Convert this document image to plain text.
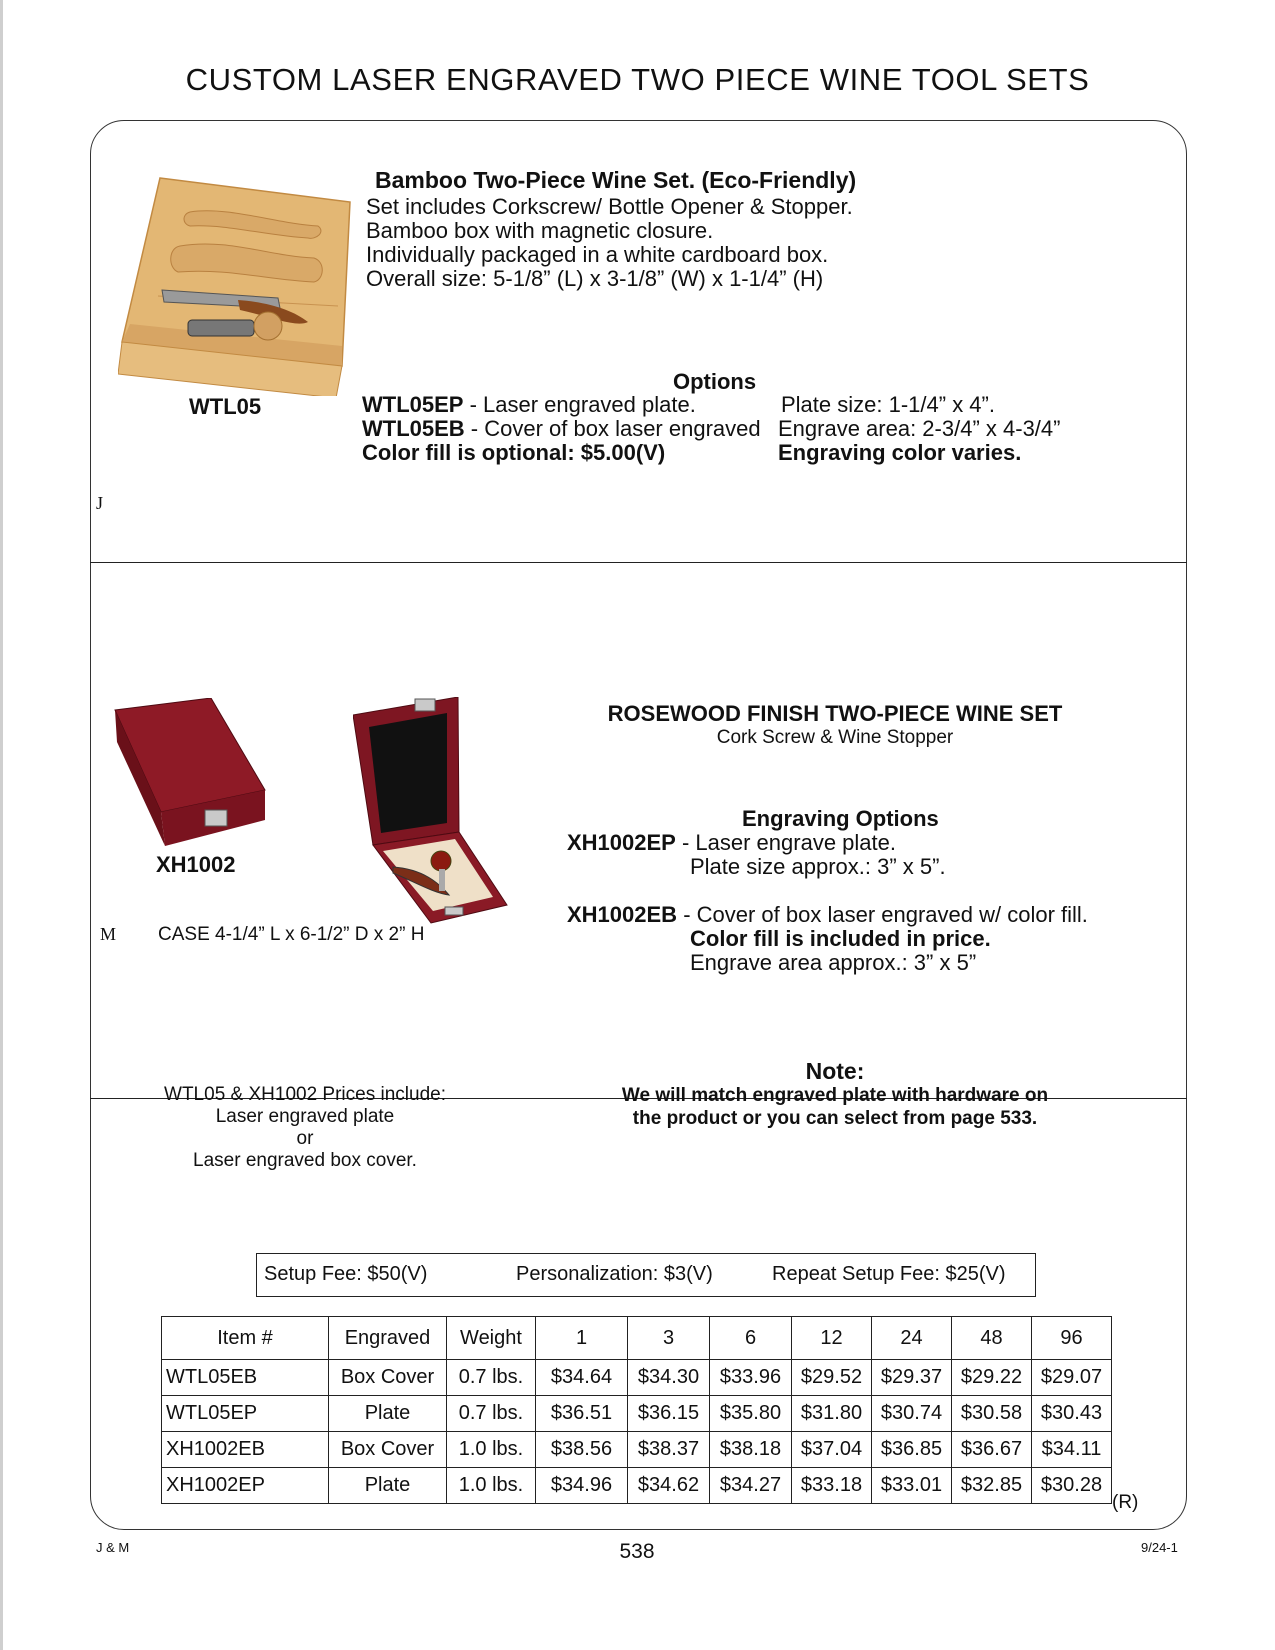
CUSTOM LASER ENGRAVED TWO PIECE WINE TOOL SETS
WTL05
J
Bamboo Two-Piece Wine Set. (Eco-Friendly)
Set includes Corkscrew/ Bottle Opener & Stopper.
Bamboo box with magnetic closure.
Individually packaged in a white cardboard box.
Overall size: 5-1/8” (L) x 3-1/8” (W) x 1-1/4” (H)
Options
WTL05EP - Laser engraved plate.
WTL05EB - Cover of box laser engraved
Color fill is optional: $5.00(V)
Plate size: 1-1/4” x 4”.
Engrave area: 2-3/4” x 4-3/4”
Engraving color varies.
XH1002
M CASE 4-1/4” L x 6-1/2” D x 2” H
ROSEWOOD FINISH TWO-PIECE WINE SET
Cork Screw & Wine Stopper
Engraving Options
XH1002EP - Laser engrave plate.
Plate size approx.: 3” x 5”.
XH1002EB - Cover of box laser engraved w/ color fill.
Color fill is included in price.
Engrave area approx.: 3” x 5”
WTL05 & XH1002 Prices include:
Laser engraved plate
or
Laser engraved box cover.
Note:
We will match engraved plate with hardware on
the product or you can select from page 533.
Setup Fee: $50(V)	Personalization: $3(V)	Repeat Setup Fee: $25(V)
Item #	Engraved	Weight	1	3	6	12	24	48	96
WTL05EB	Box Cover	0.7 lbs.	$34.64	$34.30	$33.96	$29.52	$29.37	$29.22	$29.07
WTL05EP	Plate	0.7 lbs.	$36.51	$36.15	$35.80	$31.80	$30.74	$30.58	$30.43
XH1002EB	Box Cover	1.0 lbs.	$38.56	$38.37	$38.18	$37.04	$36.85	$36.67	$34.11
XH1002EP	Plate	1.0 lbs.	$34.96	$34.62	$34.27	$33.18	$33.01	$32.85	$30.28
(R)
J & M	538	9/24-1
